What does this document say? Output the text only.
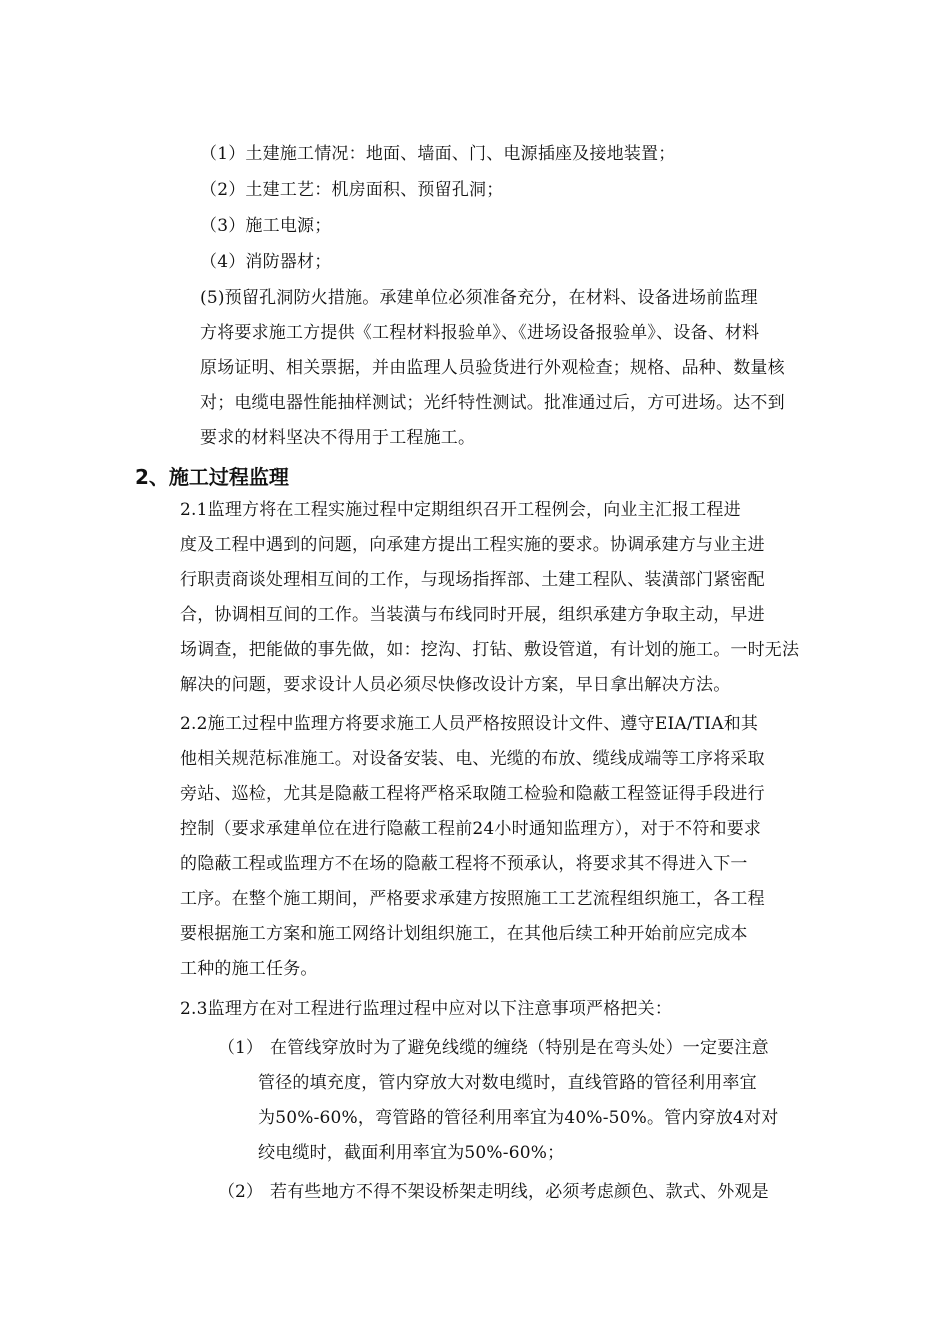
（1）土建施工情况：地面、墙面、门、电源插座及接地装置；
（2）土建工艺：机房面积、预留孔洞；
（3）施工电源；
（4）消防器材；
(5)预留孔洞防火措施。承建单位必须准备充分，在材料、设备进场前监理
方将要求施工方提供《工程材料报验单》、《进场设备报验单》、设备、材料
原场证明、相关票据，并由监理人员验货进行外观检查；规格、品种、数量核
对；电缆电器性能抽样测试；光纤特性测试。批准通过后，方可进场。达不到
要求的材料坚决不得用于工程施工。
2、施工过程监理
2.1监理方将在工程实施过程中定期组织召开工程例会，向业主汇报工程进
度及工程中遇到的问题，向承建方提出工程实施的要求。协调承建方与业主进
行职责商谈处理相互间的工作，与现场指挥部、土建工程队、装潢部门紧密配
合，协调相互间的工作。当装潢与布线同时开展，组织承建方争取主动，早进
场调查，把能做的事先做，如：挖沟、打钻、敷设管道，有计划的施工。一时无法
解决的问题，要求设计人员必须尽快修改设计方案，早日拿出解决方法。
2.2施工过程中监理方将要求施工人员严格按照设计文件、遵守EIA/TIA和其
他相关规范标准施工。对设备安装、电、光缆的布放、缆线成端等工序将采取
旁站、巡检，尤其是隐蔽工程将严格采取随工检验和隐蔽工程签证得手段进行
控制（要求承建单位在进行隐蔽工程前24小时通知监理方），对于不符和要求
的隐蔽工程或监理方不在场的隐蔽工程将不预承认，将要求其不得进入下一
工序。在整个施工期间，严格要求承建方按照施工工艺流程组织施工，各工程
要根据施工方案和施工网络计划组织施工，在其他后续工种开始前应完成本
工种的施工任务。
2.3监理方在对工程进行监理过程中应对以下注意事项严格把关：
（1） 在管线穿放时为了避免线缆的缠绕（特别是在弯头处）一定要注意
管径的填充度，管内穿放大对数电缆时，直线管路的管径利用率宜
为50%-60%，弯管路的管径利用率宜为40%-50%。管内穿放4对对
绞电缆时，截面利用率宜为50%-60%；
（2） 若有些地方不得不架设桥架走明线，必须考虑颜色、款式、外观是
